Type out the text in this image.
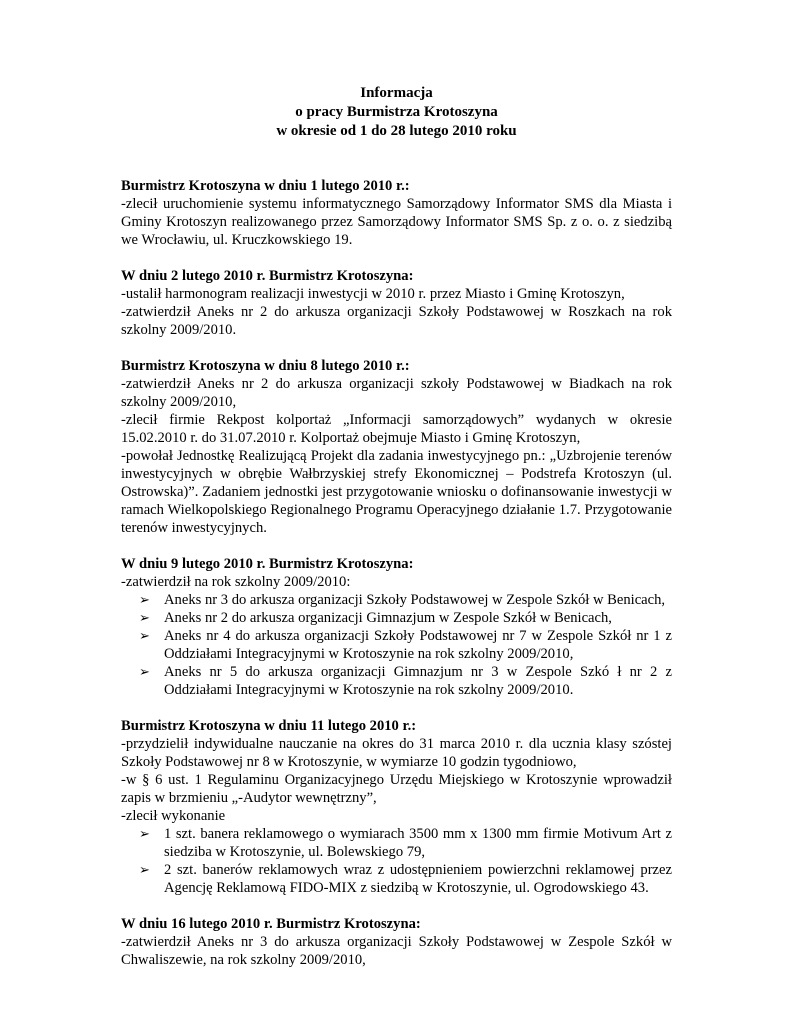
Informacja
o pracy Burmistrza Krotoszyna
w okresie od 1 do 28 lutego 2010 roku
Burmistrz Krotoszyna w dniu 1 lutego 2010 r.:

-zlecił uruchomienie systemu informatycznego Samorządowy Informator SMS dla Miasta i Gminy Krotoszyn realizowanego przez Samorządowy Informator SMS Sp. z o. o. z siedzibą we Wrocławiu, ul. Kruczkowskiego 19.

W dniu 2 lutego 2010 r. Burmistrz Krotoszyna:

-ustalił harmonogram realizacji inwestycji w 2010 r. przez Miasto i Gminę Krotoszyn,

-zatwierdził Aneks nr 2 do arkusza organizacji Szkoły Podstawowej w Roszkach na rok szkolny 2009/2010.

Burmistrz Krotoszyna w dniu 8 lutego 2010 r.:

-zatwierdził Aneks nr 2 do arkusza organizacji szkoły Podstawowej w Biadkach na rok szkolny 2009/2010,

-zlecił firmie Rekpost kolportaż „Informacji samorządowych” wydanych w okresie 15.02.2010 r. do 31.07.2010 r. Kolportaż obejmuje Miasto i Gminę Krotoszyn,

-powołał Jednostkę Realizującą Projekt dla zadania inwestycyjnego pn.: „Uzbrojenie terenów inwestycyjnych w obrębie Wałbrzyskiej strefy Ekonomicznej – Podstrefa Krotoszyn (ul. Ostrowska)”. Zadaniem jednostki jest przygotowanie wniosku o dofinansowanie inwestycji w ramach Wielkopolskiego Regionalnego Programu Operacyjnego działanie 1.7. Przygotowanie terenów inwestycyjnych.

W dniu 9 lutego 2010 r. Burmistrz Krotoszyna:

-zatwierdził na rok szkolny 2009/2010:

➢ Aneks nr 3 do arkusza organizacji Szkoły Podstawowej w Zespole Szkół w Benicach,
➢ Aneks nr 2 do arkusza organizacji Gimnazjum w Zespole Szkół w Benicach,
➢ Aneks nr 4 do arkusza organizacji Szkoły Podstawowej nr 7 w Zespole Szkół nr 1 z Oddziałami Integracyjnymi w Krotoszynie na rok szkolny 2009/2010,
➢ Aneks nr 5 do arkusza organizacji Gimnazjum nr 3 w Zespole Szkó ł nr 2 z Oddziałami Integracyjnymi w Krotoszynie na rok szkolny 2009/2010.
Burmistrz Krotoszyna w dniu 11 lutego 2010 r.:

-przydzielił indywidualne nauczanie na okres do 31 marca 2010 r. dla ucznia klasy szóstej Szkoły Podstawowej nr 8 w Krotoszynie, w wymiarze 10 godzin tygodniowo,

-w § 6 ust. 1 Regulaminu Organizacyjnego Urzędu Miejskiego w Krotoszynie wprowadził zapis w brzmieniu „-Audytor wewnętrzny”,

-zlecił wykonanie

➢ 1 szt. banera reklamowego o wymiarach 3500 mm x 1300 mm firmie Motivum Art z siedziba w Krotoszynie, ul. Bolewskiego 79,
➢ 2 szt. banerów reklamowych wraz z udostępnieniem powierzchni reklamowej przez Agencję Reklamową FIDO-MIX z siedzibą w Krotoszynie, ul. Ogrodowskiego 43.
W dniu 16 lutego 2010 r. Burmistrz Krotoszyna:

-zatwierdził Aneks nr 3 do arkusza organizacji Szkoły Podstawowej w Zespole Szkół w Chwaliszewie, na rok szkolny 2009/2010,
